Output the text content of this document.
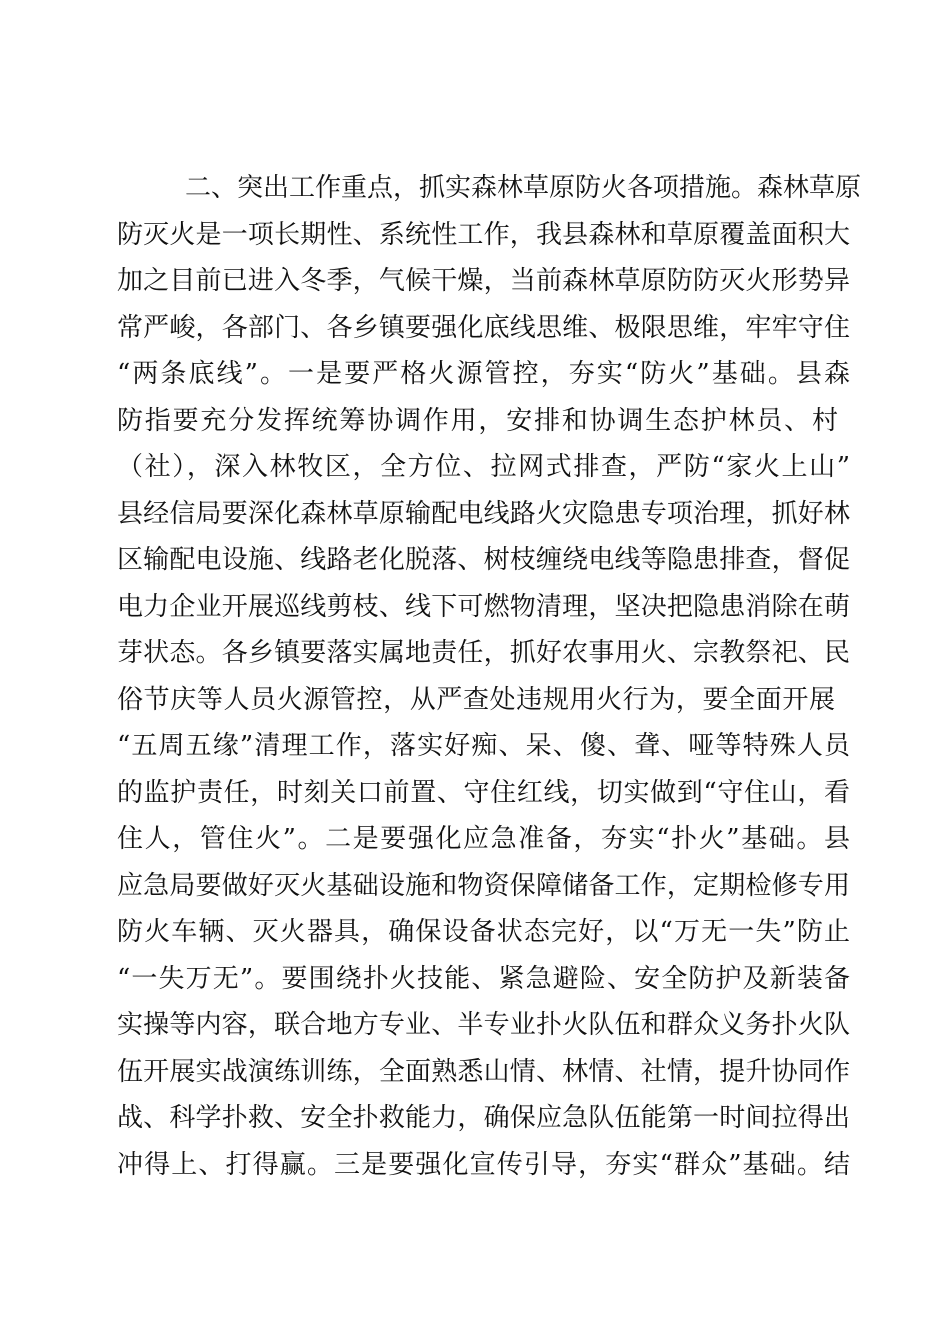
二、突出工作重点，抓实森林草原防火各项措施。森林草原
防灭火是一项长期性、系统性工作，我县森林和草原覆盖面积大
加之目前已进入冬季，气候干燥，当前森林草原防防灭火形势异
常严峻，各部门、各乡镇要强化底线思维、极限思维，牢牢守住
“两条底线”。一是要严格火源管控，夯实“防火”基础。县森
防指要充分发挥统筹协调作用，安排和协调生态护林员、村
（社），深入林牧区，全方位、拉网式排查，严防“家火上山”
县经信局要深化森林草原输配电线路火灾隐患专项治理，抓好林
区输配电设施、线路老化脱落、树枝缠绕电线等隐患排查，督促
电力企业开展巡线剪枝、线下可燃物清理，坚决把隐患消除在萌
芽状态。各乡镇要落实属地责任，抓好农事用火、宗教祭祀、民
俗节庆等人员火源管控，从严查处违规用火行为，要全面开展
“五周五缘”清理工作，落实好痴、呆、傻、聋、哑等特殊人员
的监护责任，时刻关口前置、守住红线，切实做到“守住山，看
住人，管住火”。二是要强化应急准备，夯实“扑火”基础。县
应急局要做好灭火基础设施和物资保障储备工作，定期检修专用
防火车辆、灭火器具，确保设备状态完好，以“万无一失”防止
“一失万无”。要围绕扑火技能、紧急避险、安全防护及新装备
实操等内容，联合地方专业、半专业扑火队伍和群众义务扑火队
伍开展实战演练训练，全面熟悉山情、林情、社情，提升协同作
战、科学扑救、安全扑救能力，确保应急队伍能第一时间拉得出
冲得上、打得赢。三是要强化宣传引导，夯实“群众”基础。结
